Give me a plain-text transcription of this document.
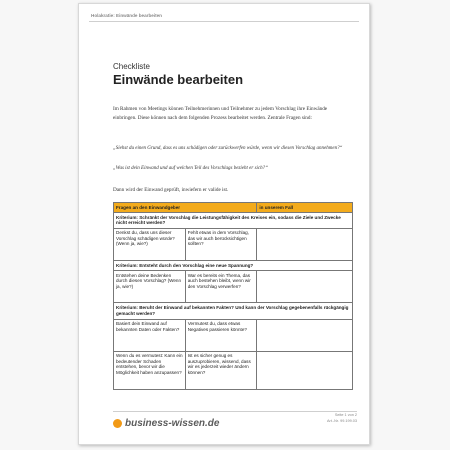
Holakratie: Einwände bearbeiten
Checkliste
Einwände bearbeiten
Im Rahmen von Meetings können Teilnehmerinnen und Teilnehmer zu jedem Vorschlag ihre Einwände einbringen. Diese können nach dem folgenden Prozess bearbeitet werden. Zentrale Fragen sind:
„Siehst du einen Grund, dass es uns schädigen oder zurückwerfen würde, wenn wir diesen Vorschlag annehmen?“
„Was ist dein Einwand und auf welchen Teil des Vorschlags bezieht er sich?“
Dann wird der Einwand geprüft, inwiefern er valide ist.
Fragen an den Einwandgeber		in unserem Fall
Kriterium: Schränkt der Vorschlag die Leistungsfähigkeit des Kreises ein, sodass die Ziele und Zwecke nicht erreicht werden?		
Denkst du, dass uns dieser Vorschlag schädigen würde? (Wenn ja, wie?)	Fehlt etwas in dem Vorschlag, das wir auch berücksichtigen sollten?	
Kriterium: Entsteht durch den Vorschlag eine neue Spannung?		
Entstehen deine Bedenken durch diesen Vorschlag? (Wenn ja, wie?)	War es bereits ein Thema, das auch bestehen bleibt, wenn wir den Vorschlag verwerfen?	
Kriterium: Beruht der Einwand auf bekannten Fakten? Und kann der Vorschlag gegebenenfalls rückgängig gemacht werden?		
Basiert dein Einwand auf bekannten Daten oder Fakten?	Vermutest du, dass etwas Negatives passieren könnte?	
Wenn du es vermutest: Kann ein bedeutender Schaden entstehen, bevor wir die Möglichkeit haben anzupassen?	Ist es sicher genug es auszuprobieren, wissend, dass wir es jederzeit wieder ändern können?	
business-wissen.de
Seite 1 von 2
Art.-Nr. 99.199.03
